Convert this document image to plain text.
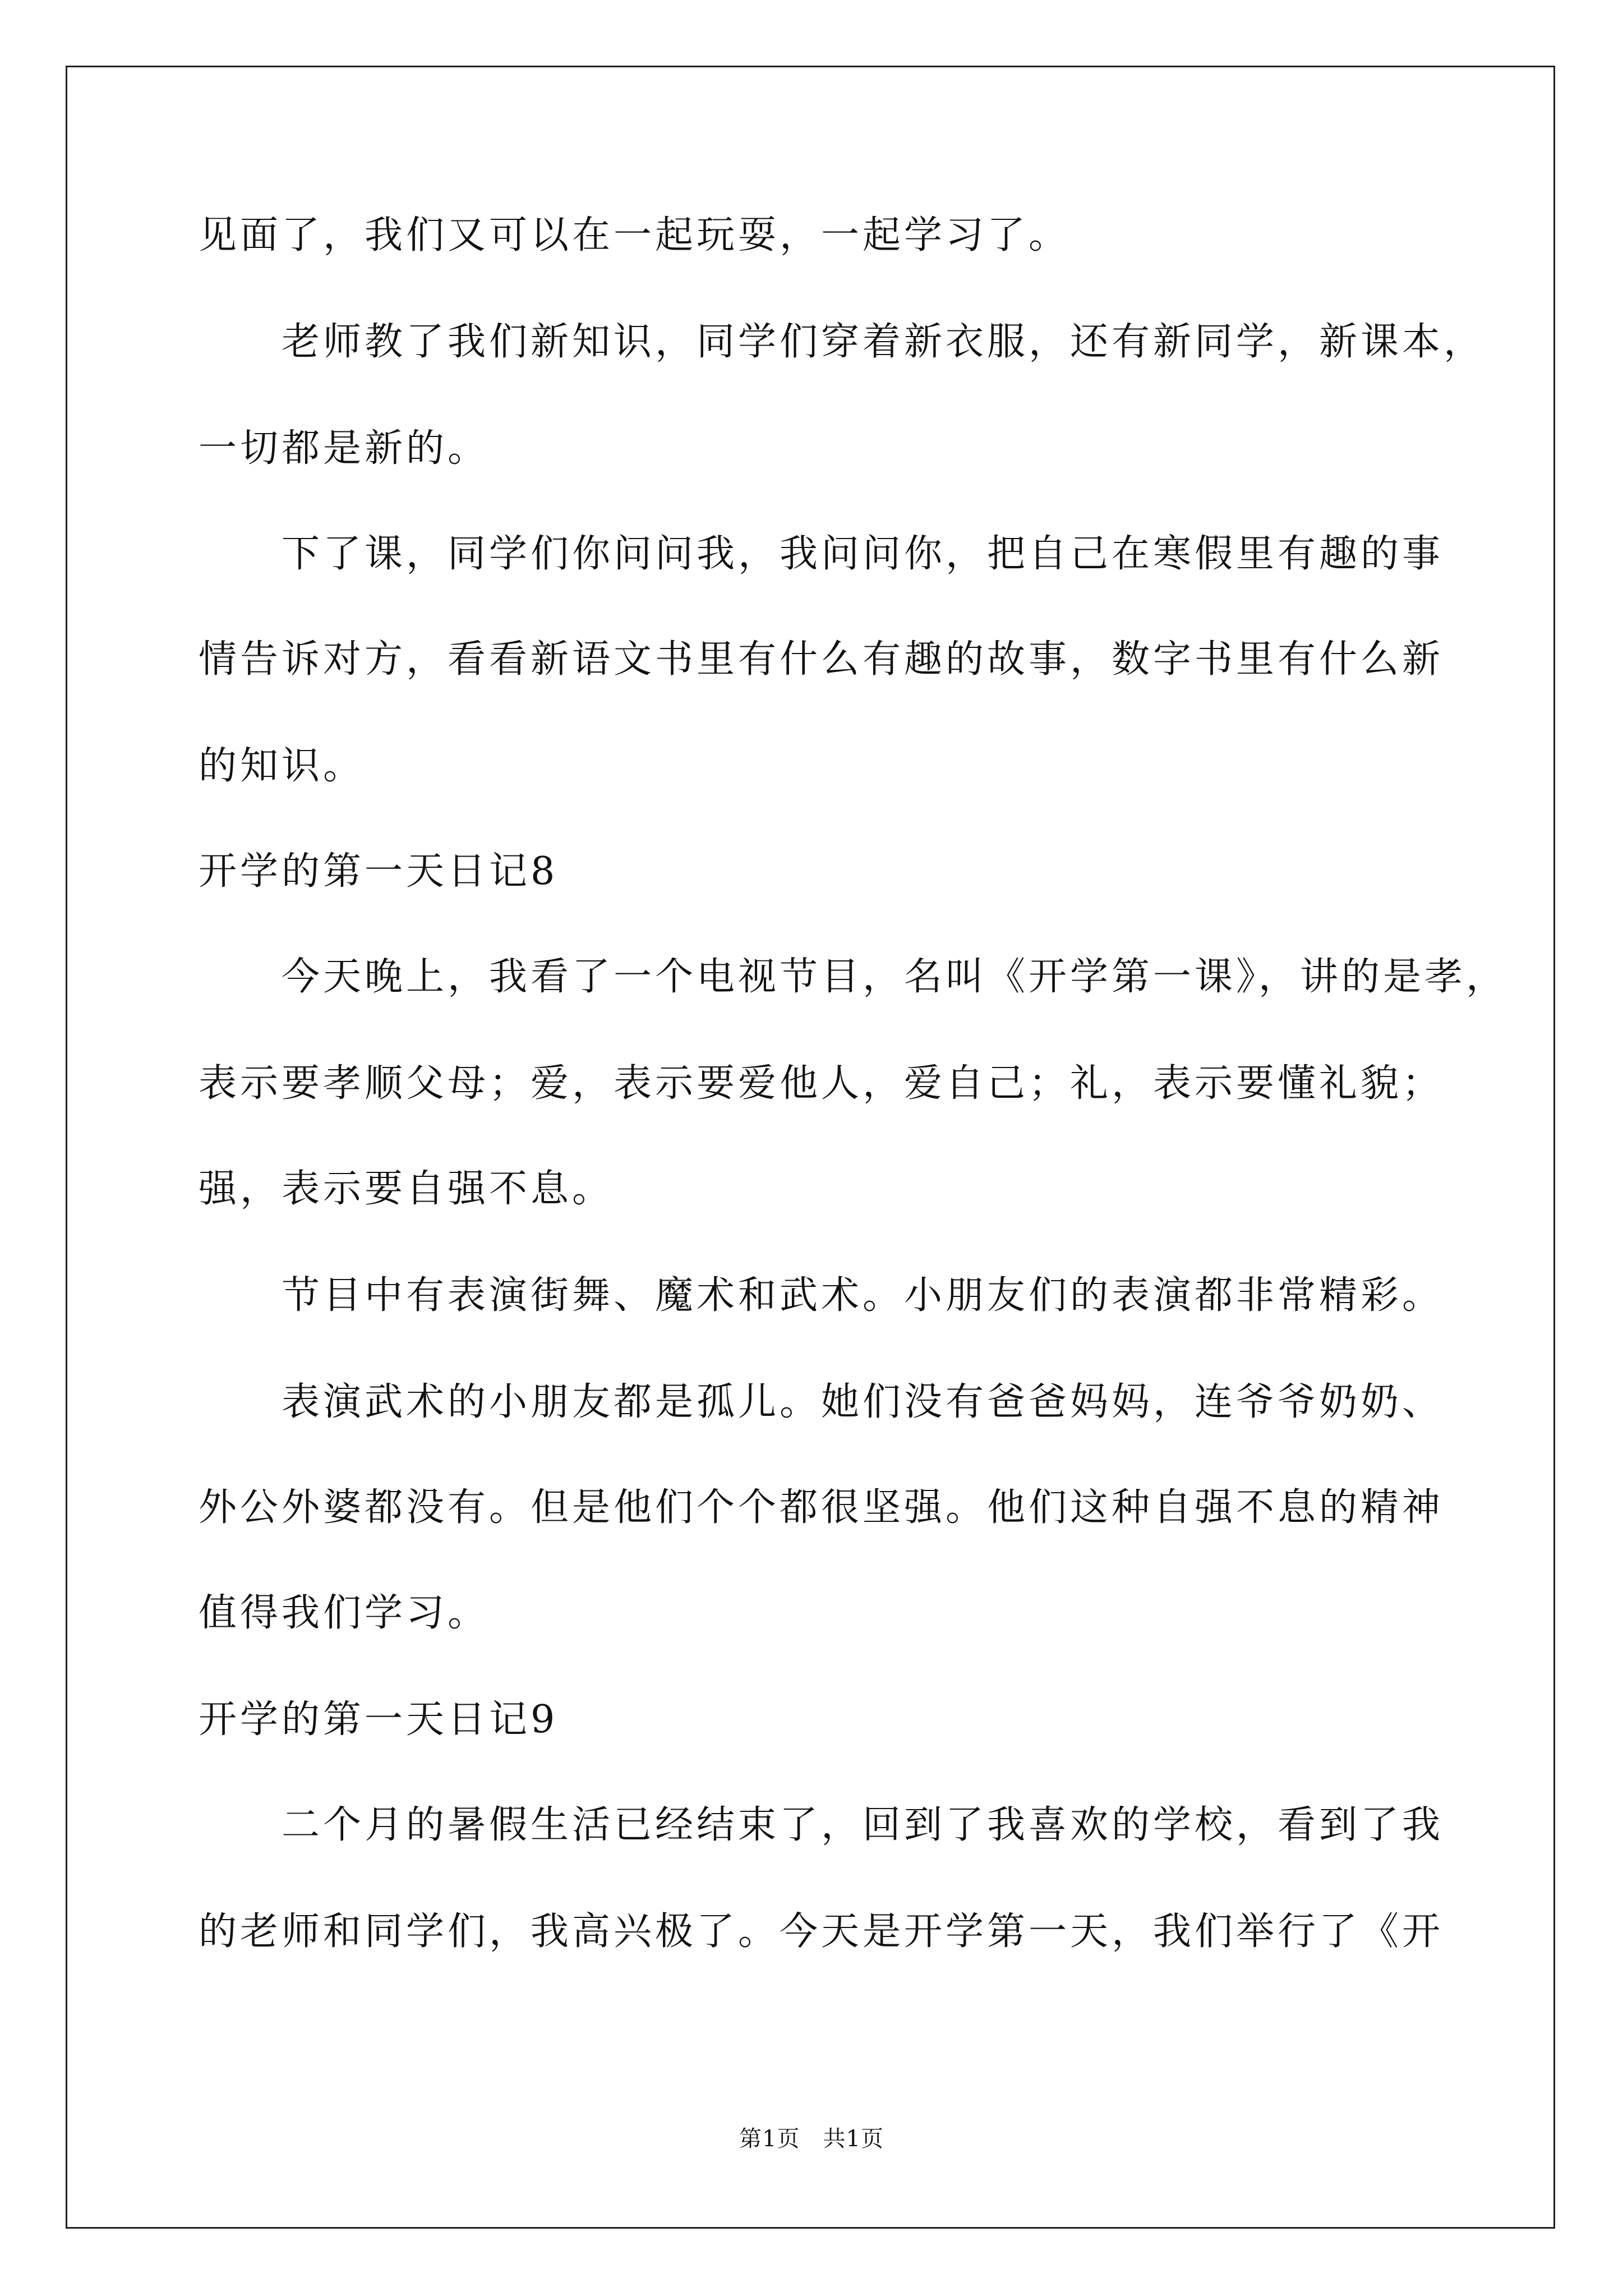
见面了，我们又可以在一起玩耍，一起学习了。
老师教了我们新知识，同学们穿着新衣服，还有新同学，新课本，
一切都是新的。
下了课，同学们你问问我，我问问你，把自己在寒假里有趣的事
情告诉对方，看看新语文书里有什么有趣的故事，数字书里有什么新
的知识。
开学的第一天日记8
今天晚上，我看了一个电视节目，名叫《开学第一课》，讲的是孝，
表示要孝顺父母；爱，表示要爱他人，爱自己；礼，表示要懂礼貌；
强，表示要自强不息。
节目中有表演街舞、魔术和武术。小朋友们的表演都非常精彩。
表演武术的小朋友都是孤儿。她们没有爸爸妈妈，连爷爷奶奶、
外公外婆都没有。但是他们个个都很坚强。他们这种自强不息的精神
值得我们学习。
开学的第一天日记9
二个月的暑假生活已经结束了，回到了我喜欢的学校，看到了我
的老师和同学们，我高兴极了。今天是开学第一天，我们举行了《开
第1页　共1页
